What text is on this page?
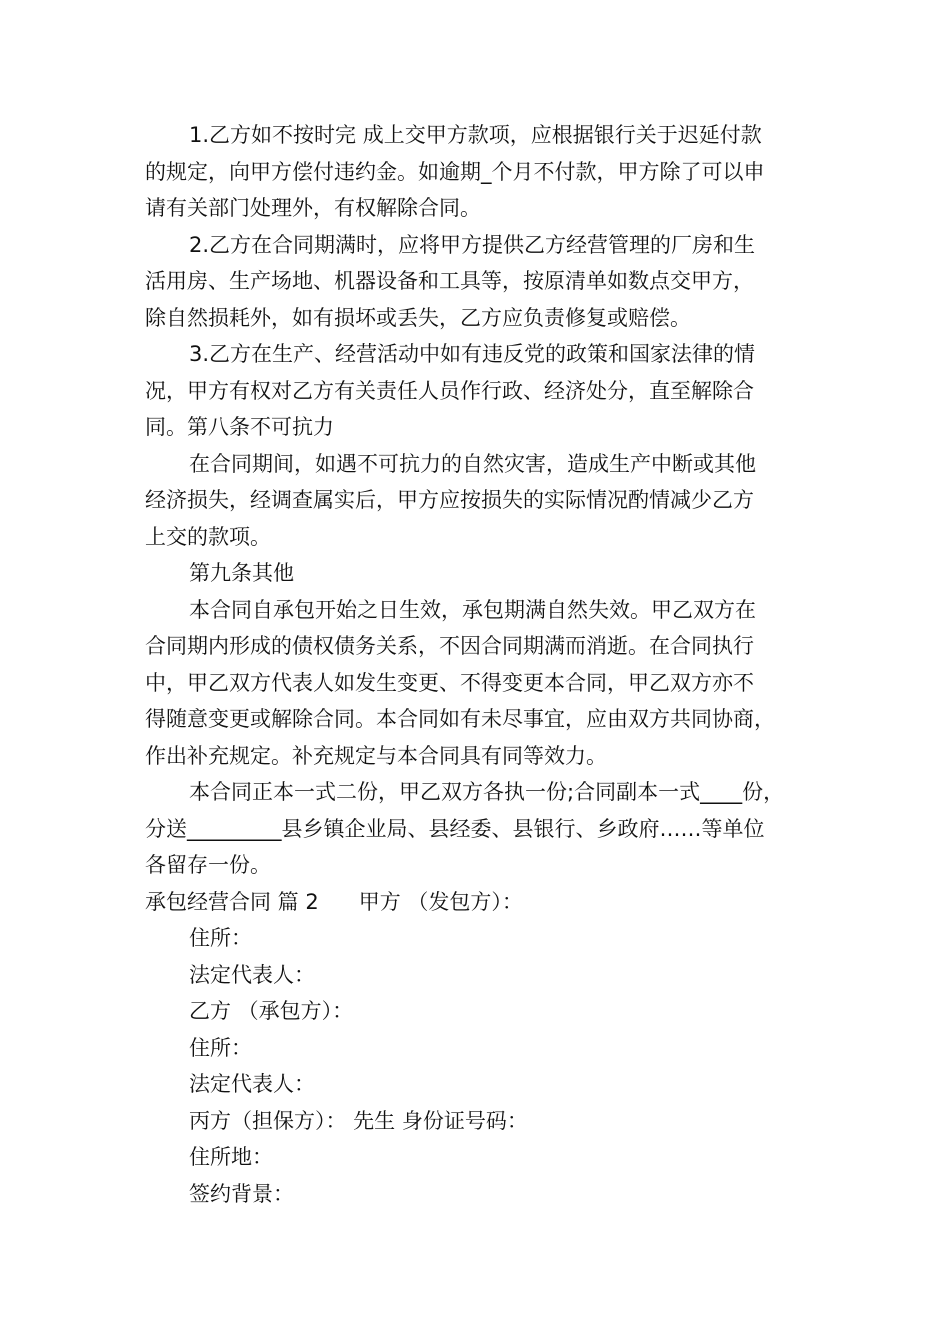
1.乙方如不按时完 成上交甲方款项，应根据银行关于迟延付款
的规定，向甲方偿付违约金。如逾期_个月不付款，甲方除了可以申
请有关部门处理外，有权解除合同。

2.乙方在合同期满时，应将甲方提供乙方经营管理的厂房和生
活用房、生产场地、机器设备和工具等，按原清单如数点交甲方，
除自然损耗外，如有损坏或丢失，乙方应负责修复或赔偿。

3.乙方在生产、经营活动中如有违反党的政策和国家法律的情
况，甲方有权对乙方有关责任人员作行政、经济处分，直至解除合
同。第八条不可抗力

在合同期间，如遇不可抗力的自然灾害，造成生产中断或其他
经济损失，经调查属实后，甲方应按损失的实际情况酌情减少乙方
上交的款项。

第九条其他

本合同自承包开始之日生效，承包期满自然失效。甲乙双方在
合同期内形成的债权债务关系，不因合同期满而消逝。在合同执行
中，甲乙双方代表人如发生变更、不得变更本合同，甲乙双方亦不
得随意变更或解除合同。本合同如有未尽事宜，应由双方共同协商，
作出补充规定。补充规定与本合同具有同等效力。

本合同正本一式二份，甲乙双方各执一份;合同副本一式____份，
分送_________县乡镇企业局、县经委、县银行、乡政府……等单位
各留存一份。

承包经营合同 篇 2 甲方 （发包方）：

住所：

法定代表人：

乙方 （承包方）：

住所：

法定代表人：

丙方（担保方）： 先生 身份证号码：

住所地：

签约背景：
